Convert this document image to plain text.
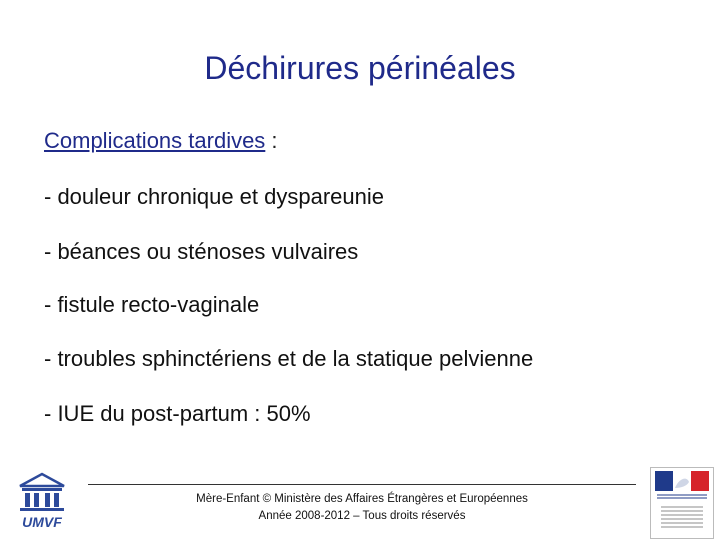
Déchirures périnéales
Complications tardives :
- douleur chronique et dyspareunie
- béances ou sténoses vulvaires
- fistule recto-vaginale
- troubles sphinctériens et de la statique pelvienne
- IUE du post-partum : 50%
UMVF
Mère-Enfant © Ministère des Affaires Étrangères et Européennes
Année 2008-2012 – Tous droits réservés
